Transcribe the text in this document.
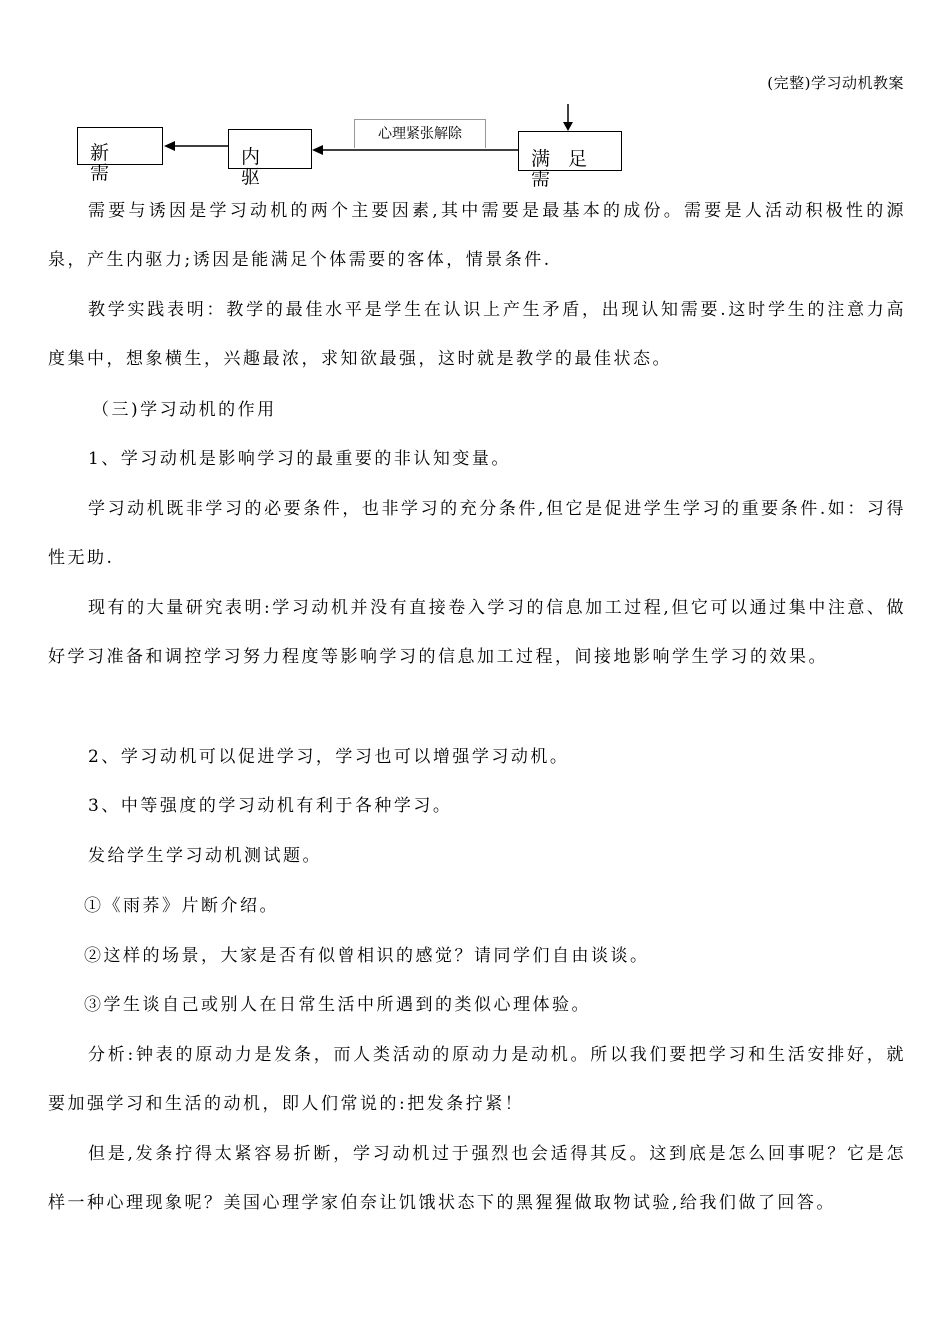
(完整)学习动机教案
新　需
内　驱
心理紧张解除
满 足 需

需要与诱因是学习动机的两个主要因素,其中需要是最基本的成份。需要是人活动积极性的源泉，产生内驱力;诱因是能满足个体需要的客体，情景条件.

教学实践表明：教学的最佳水平是学生在认识上产生矛盾，出现认知需要.这时学生的注意力高度集中，想象横生，兴趣最浓，求知欲最强，这时就是教学的最佳状态。

（三)学习动机的作用

1、学习动机是影响学习的最重要的非认知变量。

学习动机既非学习的必要条件，也非学习的充分条件,但它是促进学生学习的重要条件.如：习得性无助.

现有的大量研究表明:学习动机并没有直接卷入学习的信息加工过程,但它可以通过集中注意、做好学习准备和调控学习努力程度等影响学习的信息加工过程，间接地影响学生学习的效果。

2、学习动机可以促进学习，学习也可以增强学习动机。

3、中等强度的学习动机有利于各种学习。

发给学生学习动机测试题。

①《雨荞》片断介绍。

②这样的场景，大家是否有似曾相识的感觉？请同学们自由谈谈。

③学生谈自己或别人在日常生活中所遇到的类似心理体验。

分析:钟表的原动力是发条，而人类活动的原动力是动机。所以我们要把学习和生活安排好，就要加强学习和生活的动机，即人们常说的:把发条拧紧！

但是,发条拧得太紧容易折断，学习动机过于强烈也会适得其反。这到底是怎么回事呢？它是怎样一种心理现象呢？美国心理学家伯奈让饥饿状态下的黑猩猩做取物试验,给我们做了回答。
